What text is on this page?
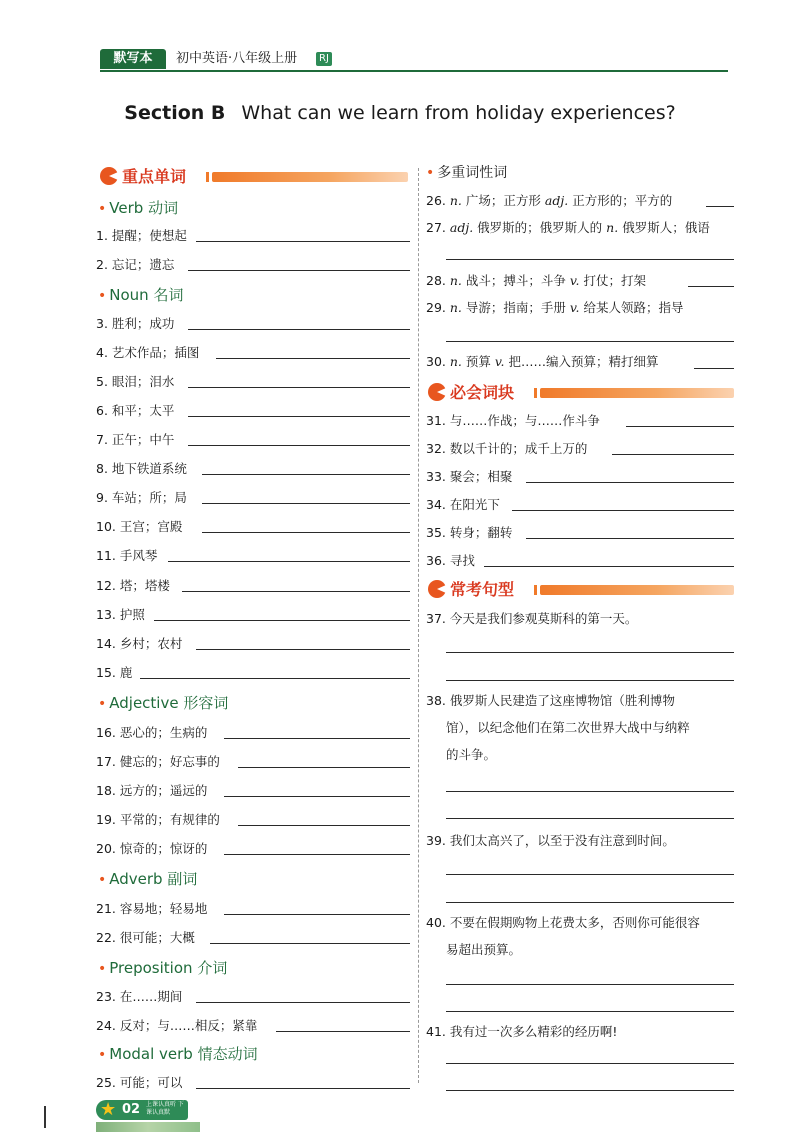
默写本	初中英语·八年级上册	RJ
Section B What can we learn from holiday experiences?
重点单词
• Verb 动词
1. 提醒；使想起
2. 忘记；遗忘
• Noun 名词
3. 胜利；成功
4. 艺术作品；插图
5. 眼泪；泪水
6. 和平；太平
7. 正午；中午
8. 地下铁道系统
9. 车站；所；局
10. 王宫；宫殿
11. 手风琴
12. 塔；塔楼
13. 护照
14. 乡村；农村
15. 鹿
• Adjective 形容词
16. 恶心的；生病的
17. 健忘的；好忘事的
18. 远方的；遥远的
19. 平常的；有规律的
20. 惊奇的；惊讶的
• Adverb 副词
21. 容易地；轻易地
22. 很可能；大概
• Preposition 介词
23. 在……期间
24. 反对；与……相反；紧靠
• Modal verb 情态动词
25. 可能；可以
• 多重词性词
26. n. 广场；正方形 adj. 正方形的；平方的
27. adj. 俄罗斯的；俄罗斯人的 n. 俄罗斯人；俄语
28. n. 战斗；搏斗；斗争 v. 打仗；打架
29. n. 导游；指南；手册 v. 给某人领路；指导
30. n. 预算 v. 把……编入预算；精打细算
必会词块
31. 与……作战；与……作斗争
32. 数以千计的；成千上万的
33. 聚会；相聚
34. 在阳光下
35. 转身；翻转
36. 寻找
常考句型
37. 今天是我们参观莫斯科的第一天。
38. 俄罗斯人民建造了这座博物馆（胜利博物
馆），以纪念他们在第二次世界大战中与纳粹
的斗争。
39. 我们太高兴了，以至于没有注意到时间。
40. 不要在假期购物上花费太多，否则你可能很容
易超出预算。
41. 我有过一次多么精彩的经历啊!
★ 02 上课认真听 下课认真默
